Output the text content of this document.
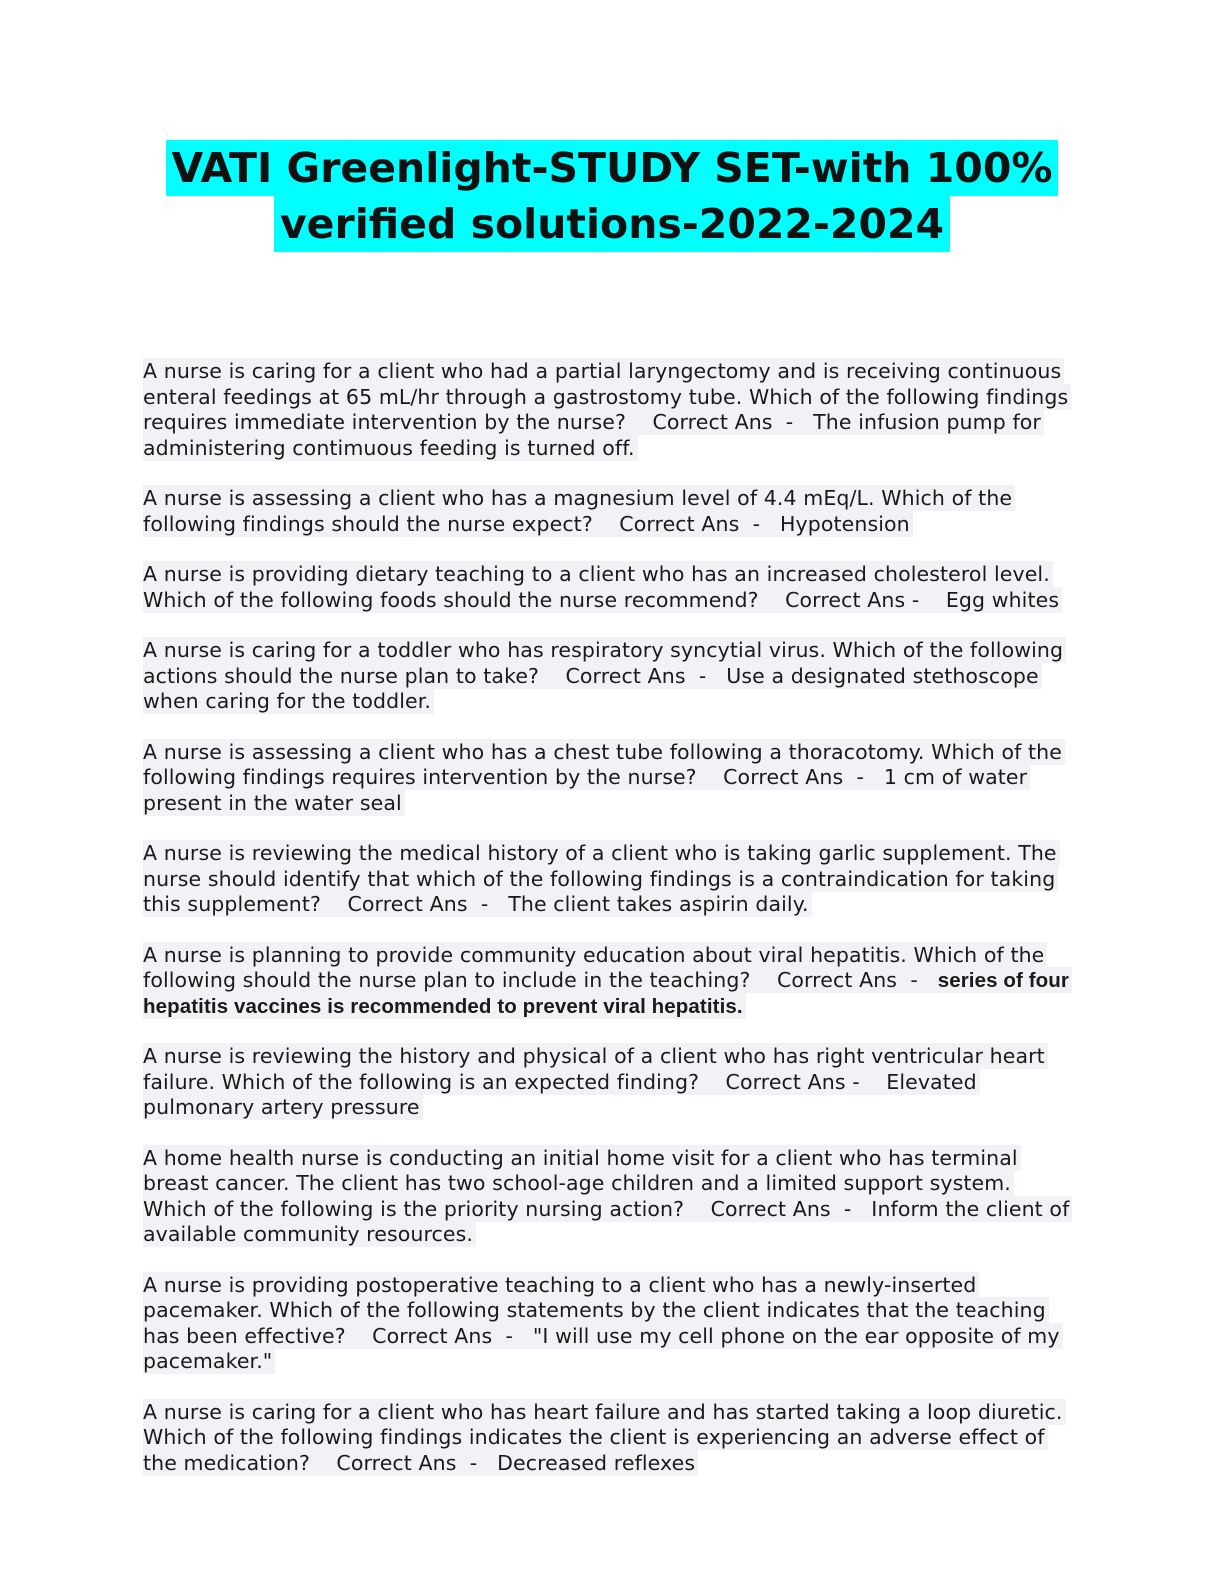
VATI Greenlight-STUDY SET-with 100%
verified solutions-2022-2024

A nurse is caring for a client who had a partial laryngectomy and is receiving continuous enteral feedings at 65 mL/hr through a gastrostomy tube. Which of the following findings requires immediate intervention by the nurse? Correct Ans  -   The infusion pump for administering contimuous feeding is turned off.

A nurse is assessing a client who has a magnesium level of 4.4 mEq/L. Which of the following findings should the nurse expect? Correct Ans  -   Hypotension

A nurse is providing dietary teaching to a client who has an increased cholesterol level. Which of the following foods should the nurse recommend? Correct Ans -    Egg whites

A nurse is caring for a toddler who has respiratory syncytial virus. Which of the following actions should the nurse plan to take? Correct Ans  -   Use a designated stethoscope when caring for the toddler.

A nurse is assessing a client who has a chest tube following a thoracotomy. Which of the following findings requires intervention by the nurse? Correct Ans  -   1 cm of water present in the water seal

A nurse is reviewing the medical history of a client who is taking garlic supplement. The nurse should identify that which of the following findings is a contraindication for taking this supplement? Correct Ans  -   The client takes aspirin daily.

A nurse is planning to provide community education about viral hepatitis. Which of the following should the nurse plan to include in the teaching? Correct Ans  -   series of four hepatitis vaccines is recommended to prevent viral hepatitis.

A nurse is reviewing the history and physical of a client who has right ventricular heart failure. Which of the following is an expected finding? Correct Ans -    Elevated pulmonary artery pressure

A home health nurse is conducting an initial home visit for a client who has terminal breast cancer. The client has two school-age children and a limited support system. Which of the following is the priority nursing action? Correct Ans  -   Inform the client of available community resources.

A nurse is providing postoperative teaching to a client who has a newly-inserted pacemaker. Which of the following statements by the client indicates that the teaching has been effective? Correct Ans  -   "I will use my cell phone on the ear opposite of my pacemaker."

A nurse is caring for a client who has heart failure and has started taking a loop diuretic. Which of the following findings indicates the client is experiencing an adverse effect of the medication? Correct Ans  -   Decreased reflexes
